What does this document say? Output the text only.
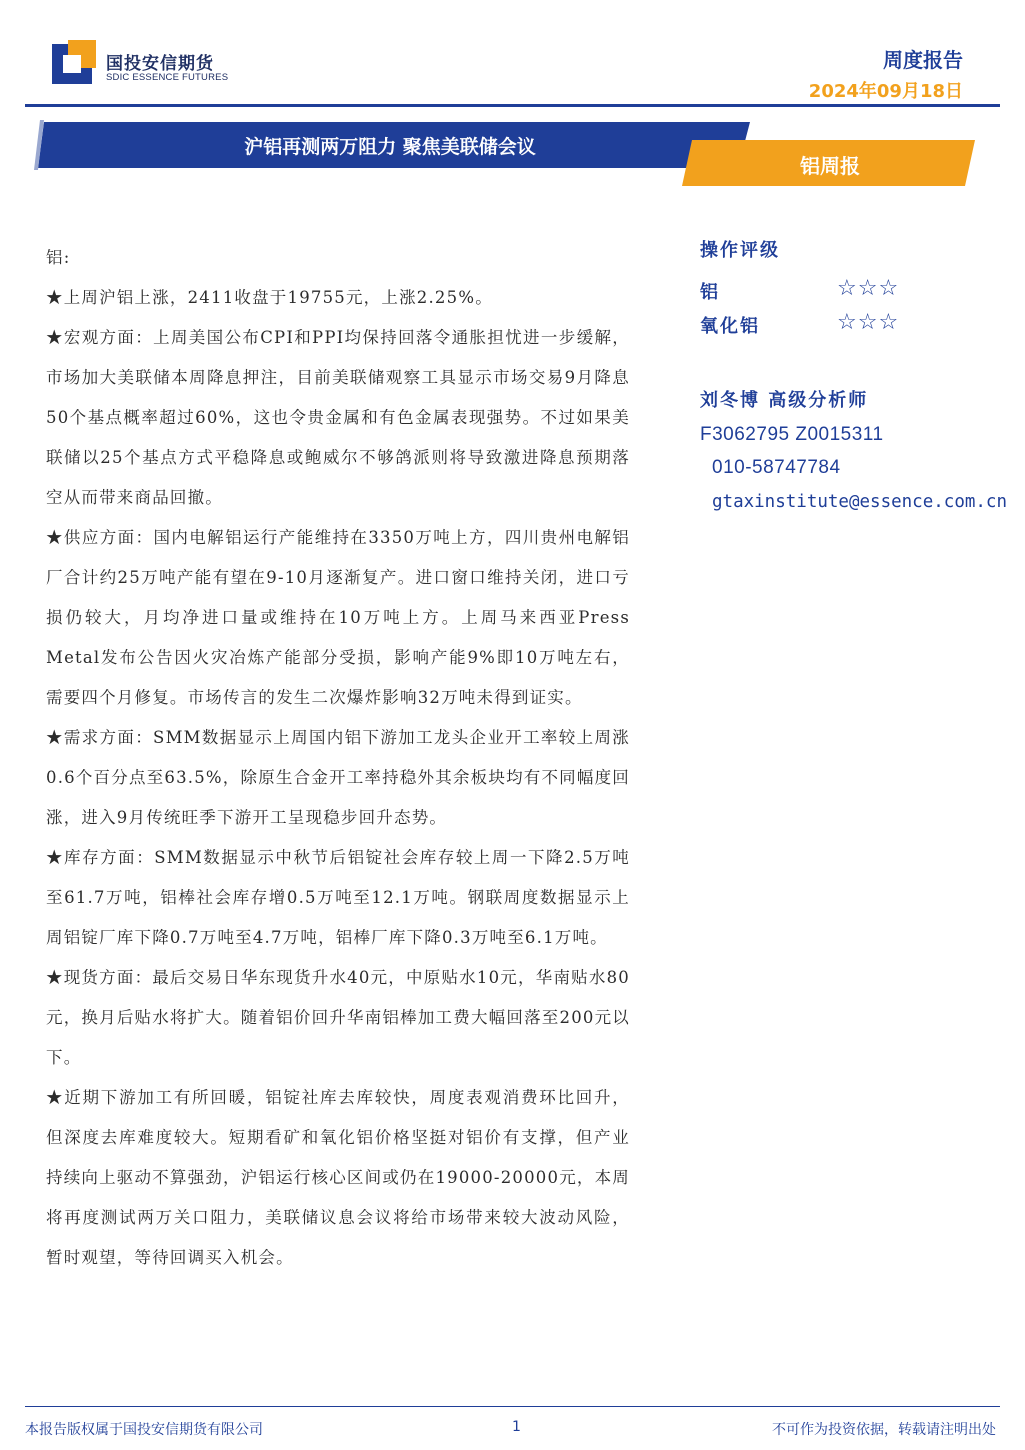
国投安信期货
SDIC ESSENCE FUTURES
周度报告
2024年09月18日
沪铝再测两万阻力 聚焦美联储会议
铝周报

铝:

★上周沪铝上涨，2411收盘于19755元，上涨2.25%。

★宏观方面：上周美国公布CPI和PPI均保持回落令通胀担忧进一步缓解，市场加大美联储本周降息押注，目前美联储观察工具显示市场交易9月降息50个基点概率超过60%，这也令贵金属和有色金属表现强势。不过如果美联储以25个基点方式平稳降息或鲍威尔不够鸽派则将导致激进降息预期落空从而带来商品回撤。

★供应方面：国内电解铝运行产能维持在3350万吨上方，四川贵州电解铝厂合计约25万吨产能有望在9-10月逐渐复产。进口窗口维持关闭，进口亏损仍较大，月均净进口量或维持在10万吨上方。上周马来西亚Press Metal发布公告因火灾冶炼产能部分受损，影响产能9%即10万吨左右，需要四个月修复。市场传言的发生二次爆炸影响32万吨未得到证实。

★需求方面：SMM数据显示上周国内铝下游加工龙头企业开工率较上周涨0.6个百分点至63.5%，除原生合金开工率持稳外其余板块均有不同幅度回涨，进入9月传统旺季下游开工呈现稳步回升态势。

★库存方面：SMM数据显示中秋节后铝锭社会库存较上周一下降2.5万吨至61.7万吨，铝棒社会库存增0.5万吨至12.1万吨。钢联周度数据显示上周铝锭厂库下降0.7万吨至4.7万吨，铝棒厂库下降0.3万吨至6.1万吨。

★现货方面：最后交易日华东现货升水40元，中原贴水10元，华南贴水80元，换月后贴水将扩大。随着铝价回升华南铝棒加工费大幅回落至200元以下。

★近期下游加工有所回暖，铝锭社库去库较快，周度表观消费环比回升，但深度去库难度较大。短期看矿和氧化铝价格坚挺对铝价有支撑，但产业持续向上驱动不算强劲，沪铝运行核心区间或仍在19000-20000元，本周将再度测试两万关口阻力，美联储议息会议将给市场带来较大波动风险，暂时观望，等待回调买入机会。

操作评级
铝	☆☆☆
氧化铝	☆☆☆
刘冬博 高级分析师
F3062795 Z0015311
010-58747784
gtaxinstitute@essence.com.cn
本报告版权属于国投安信期货有限公司	1	不可作为投资依据，转载请注明出处
